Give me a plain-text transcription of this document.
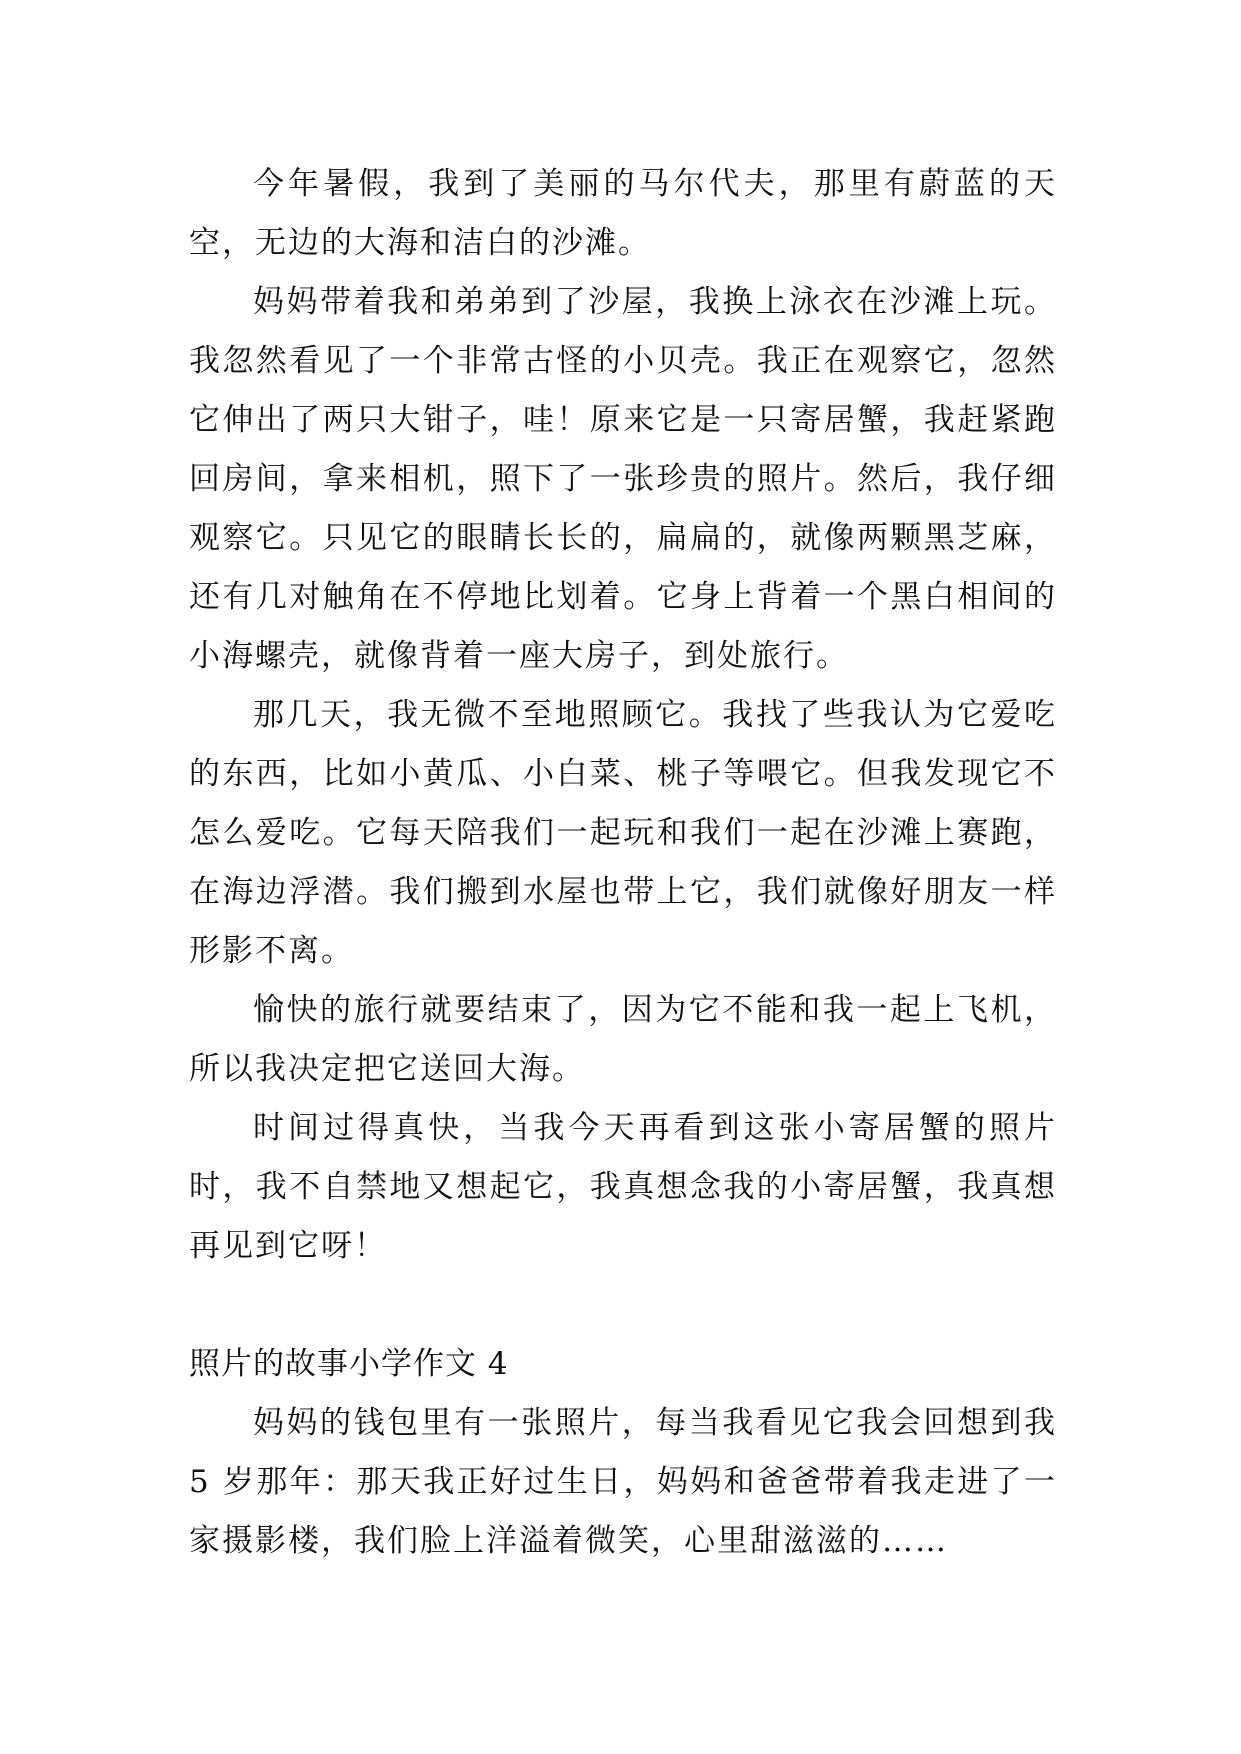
今年暑假，我到了美丽的马尔代夫，那里有蔚蓝的天空，无边的大海和洁白的沙滩。

妈妈带着我和弟弟到了沙屋，我换上泳衣在沙滩上玩。我忽然看见了一个非常古怪的小贝壳。我正在观察它，忽然它伸出了两只大钳子，哇！原来它是一只寄居蟹，我赶紧跑回房间，拿来相机，照下了一张珍贵的照片。然后，我仔细观察它。只见它的眼睛长长的，扁扁的，就像两颗黑芝麻，还有几对触角在不停地比划着。它身上背着一个黑白相间的小海螺壳，就像背着一座大房子，到处旅行。

那几天，我无微不至地照顾它。我找了些我认为它爱吃的东西，比如小黄瓜、小白菜、桃子等喂它。但我发现它不怎么爱吃。它每天陪我们一起玩和我们一起在沙滩上赛跑，在海边浮潜。我们搬到水屋也带上它，我们就像好朋友一样形影不离。

愉快的旅行就要结束了，因为它不能和我一起上飞机，所以我决定把它送回大海。

时间过得真快，当我今天再看到这张小寄居蟹的照片时，我不自禁地又想起它，我真想念我的小寄居蟹，我真想再见到它呀！

照片的故事小学作文 4

妈妈的钱包里有一张照片，每当我看见它我会回想到我 5 岁那年：那天我正好过生日，妈妈和爸爸带着我走进了一家摄影楼，我们脸上洋溢着微笑，心里甜滋滋的……
